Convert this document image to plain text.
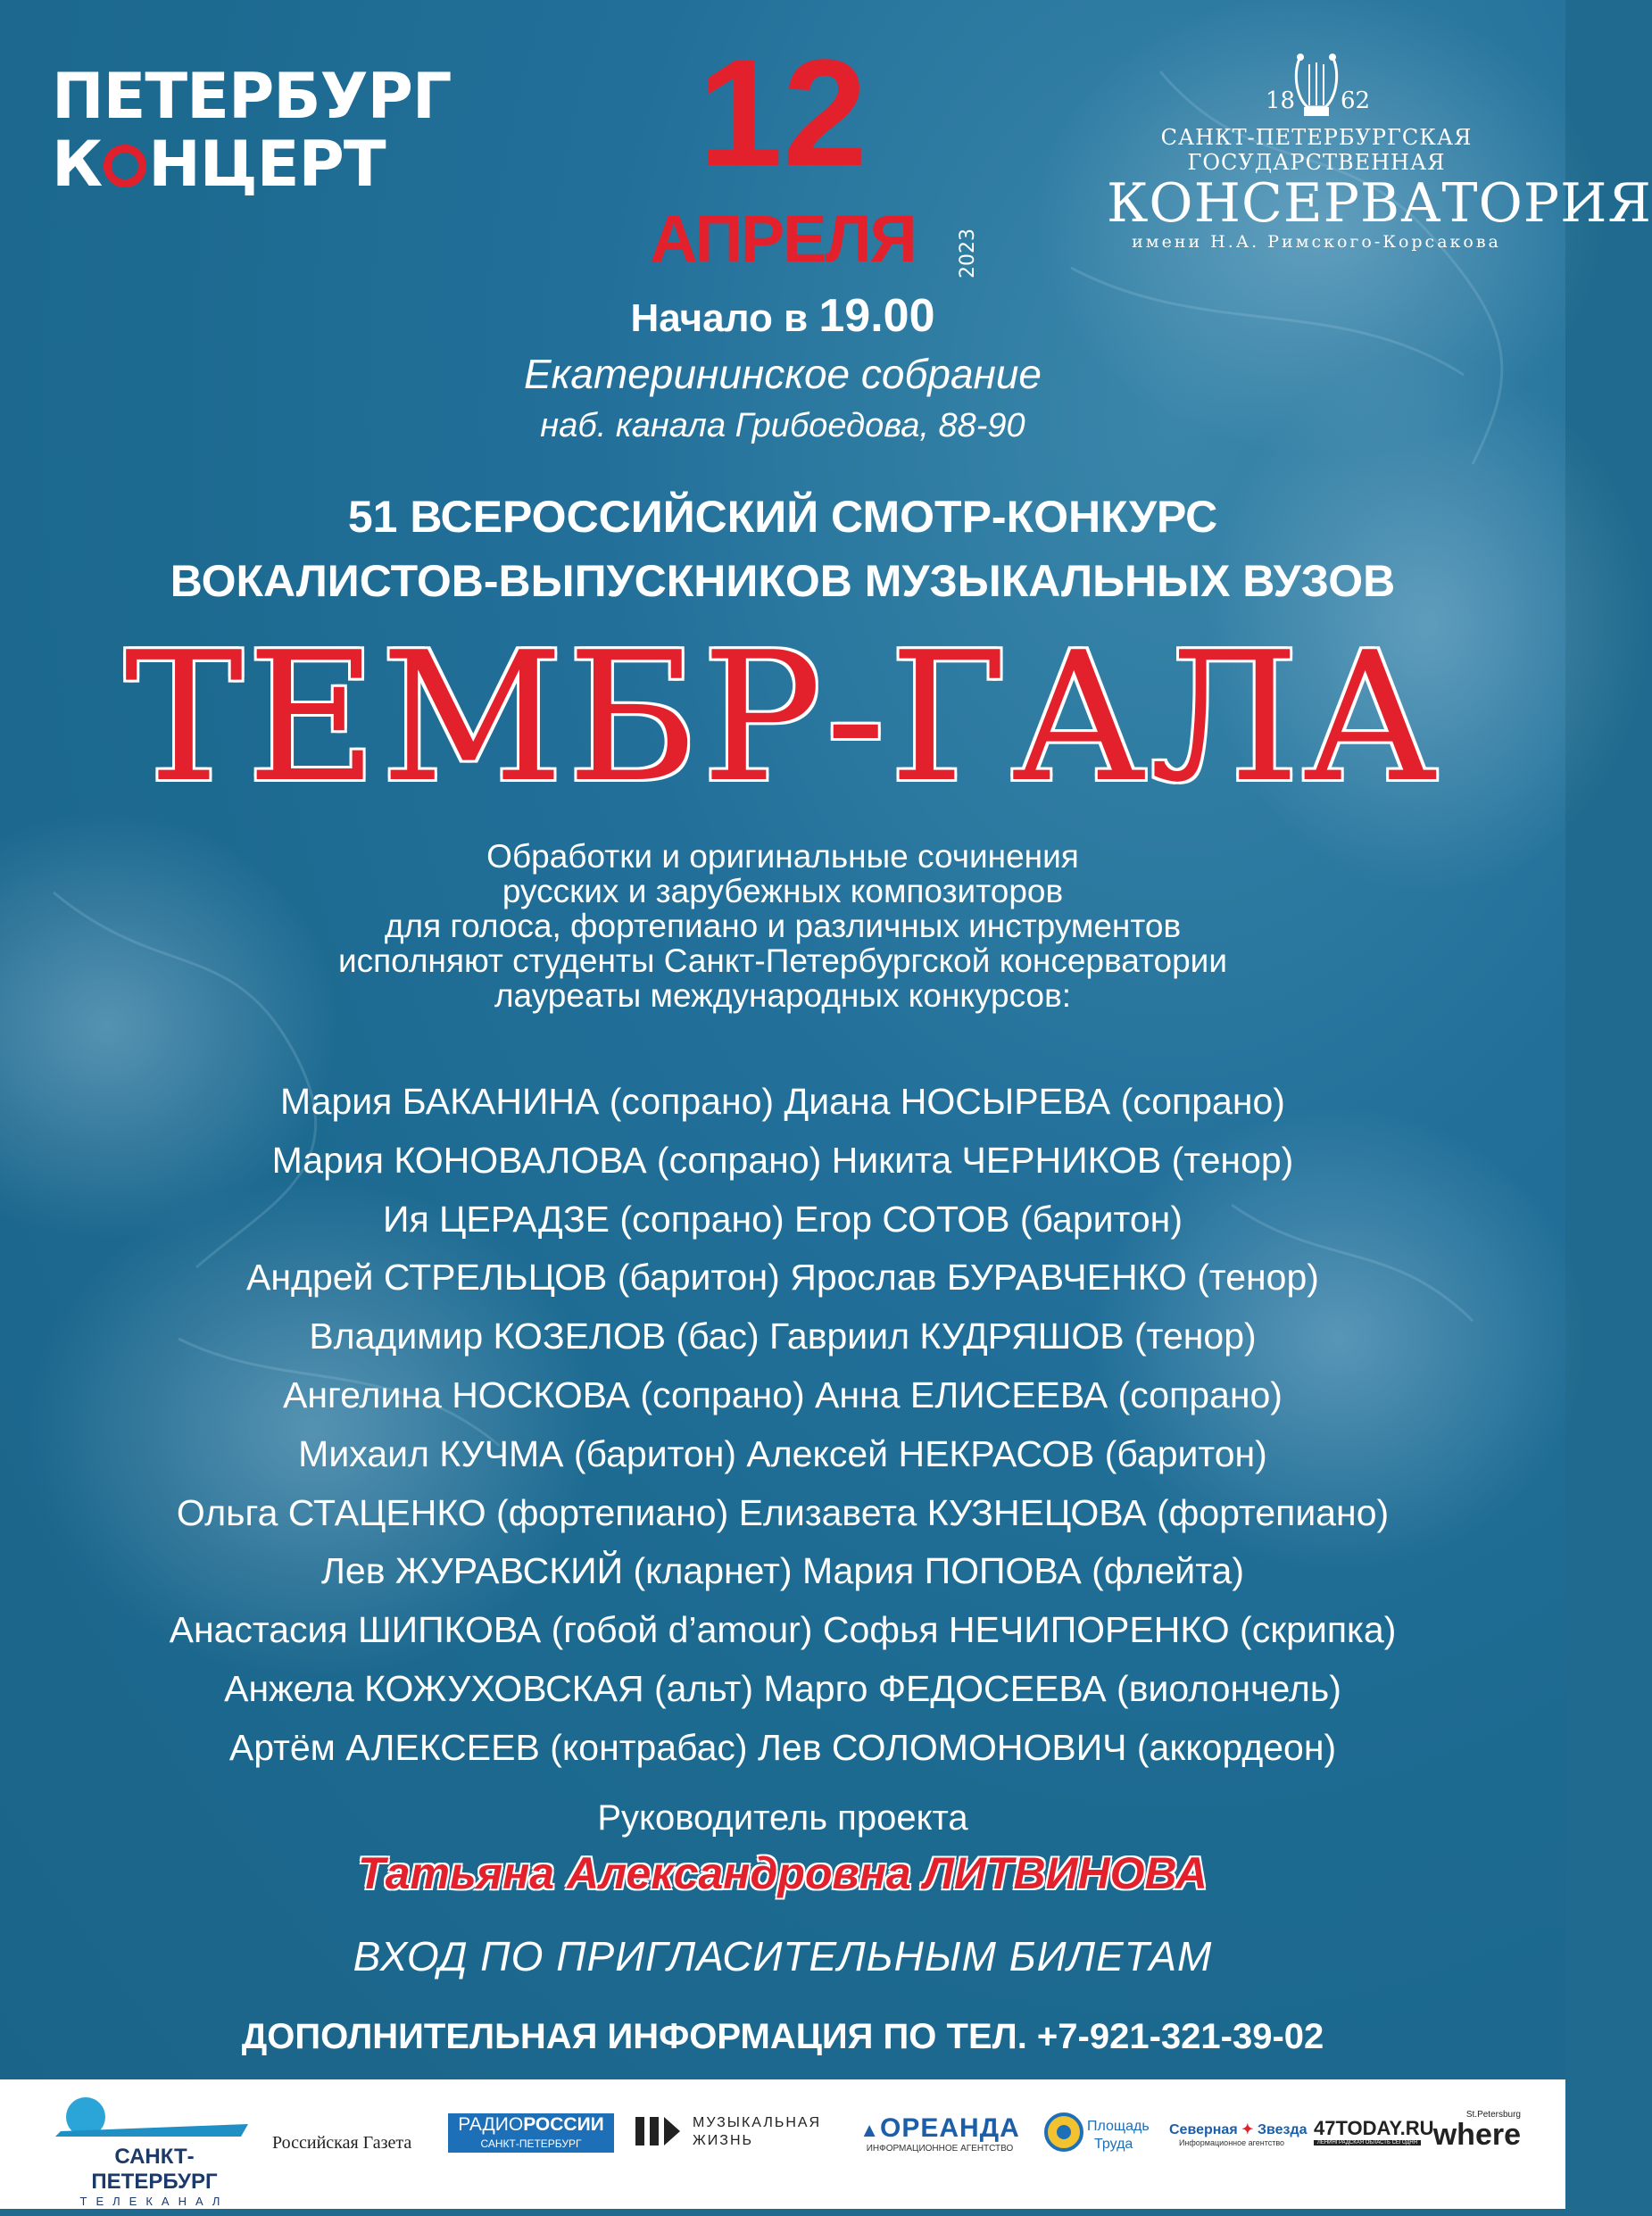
ПЕТЕРБУРГ
К НЦЕРТ
18 62
САНКТ-ПЕТЕРБУРГСКАЯ ГОСУДАРСТВЕННАЯ
КОНСЕРВАТОРИЯ
имени Н.А. Римского-Корсакова
12
АПРЕЛЯ	2023
Начало в 19.00
Екатерининское собрание
наб. канала Грибоедова, 88-90
51 ВСЕРОССИЙСКИЙ СМОТР-КОНКУРС
ВОКАЛИСТОВ-ВЫПУСКНИКОВ МУЗЫКАЛЬНЫХ ВУЗОВ
ТЕМБР-ГАЛА
Обработки и оригинальные сочинения
русских и зарубежных композиторов
для голоса, фортепиано и различных инструментов
исполняют студенты Санкт-Петербургской консерватории
лауреаты международных конкурсов:
Мария БАКАНИНА (сопрано) Диана НОСЫРЕВА (сопрано)
Мария КОНОВАЛОВА (сопрано) Никита ЧЕРНИКОВ (тенор)
Ия ЦЕРАДЗЕ (сопрано) Егор СОТОВ (баритон)
Андрей СТРЕЛЬЦОВ (баритон) Ярослав БУРАВЧЕНКО (тенор)
Владимир КОЗЕЛОВ (бас) Гавриил КУДРЯШОВ (тенор)
Ангелина НОСКОВА (сопрано) Анна ЕЛИСЕЕВА (сопрано)
Михаил КУЧМА (баритон) Алексей НЕКРАСОВ (баритон)
Ольга СТАЦЕНКО (фортепиано) Елизавета КУЗНЕЦОВА (фортепиано)
Лев ЖУРАВСКИЙ (кларнет) Мария ПОПОВА (флейта)
Анастасия ШИПКОВА (гобой d’amour) Софья НЕЧИПОРЕНКО (скрипка)
Анжела КОЖУХОВСКАЯ (альт) Марго ФЕДОСЕЕВА (виолончель)
Артём АЛЕКСЕЕВ (контрабас) Лев СОЛОМОНОВИЧ (аккордеон)
Руководитель проекта
Татьяна Александровна ЛИТВИНОВА
ВХОД ПО ПРИГЛАСИТЕЛЬНЫМ БИЛЕТАМ
ДОПОЛНИТЕЛЬНАЯ ИНФОРМАЦИЯ ПО ТЕЛ. +7-921-321-39-02
САНКТ-ПЕТЕРБУРГ
ТЕЛЕКАНАЛ
Российская Газета
РАДИОРОССИИ
САНКТ-ПЕТЕРБУРГ
МУЗЫКАЛЬНАЯ
ЖИЗНЬ	▲ОРЕАНДА
ИНФОРМАЦИОННОЕ АГЕНТСТВО
Площадь
Труда
Северная ✦ Звезда
Информационное агентство
47TODAY.RU
ЛЕНИНГРАДСКАЯ ОБЛАСТЬ СЕГОДНЯ
St.Petersburg
where
